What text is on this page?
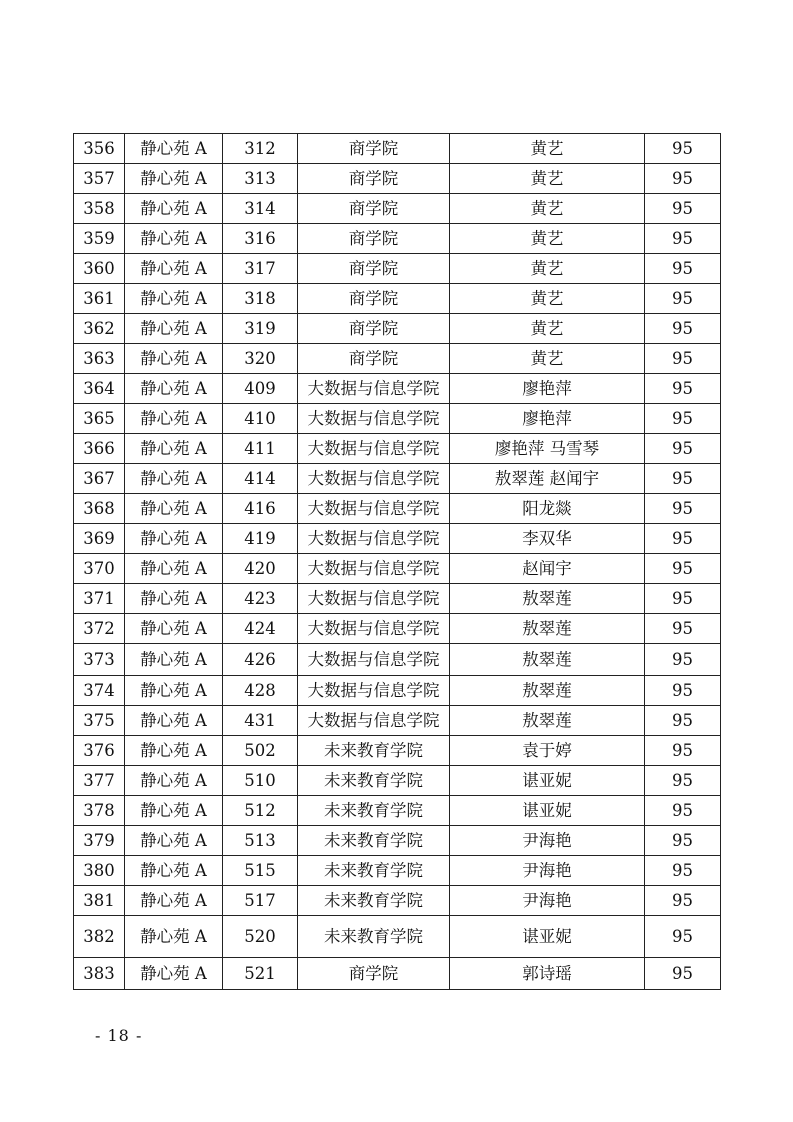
356	静心苑 A	312	商学院	黄艺	95
357	静心苑 A	313	商学院	黄艺	95
358	静心苑 A	314	商学院	黄艺	95
359	静心苑 A	316	商学院	黄艺	95
360	静心苑 A	317	商学院	黄艺	95
361	静心苑 A	318	商学院	黄艺	95
362	静心苑 A	319	商学院	黄艺	95
363	静心苑 A	320	商学院	黄艺	95
364	静心苑 A	409	大数据与信息学院	廖艳萍	95
365	静心苑 A	410	大数据与信息学院	廖艳萍	95
366	静心苑 A	411	大数据与信息学院	廖艳萍 马雪琴	95
367	静心苑 A	414	大数据与信息学院	敖翠莲 赵闻宇	95
368	静心苑 A	416	大数据与信息学院	阳龙燚	95
369	静心苑 A	419	大数据与信息学院	李双华	95
370	静心苑 A	420	大数据与信息学院	赵闻宇	95
371	静心苑 A	423	大数据与信息学院	敖翠莲	95
372	静心苑 A	424	大数据与信息学院	敖翠莲	95
373	静心苑 A	426	大数据与信息学院	敖翠莲	95
374	静心苑 A	428	大数据与信息学院	敖翠莲	95
375	静心苑 A	431	大数据与信息学院	敖翠莲	95
376	静心苑 A	502	未来教育学院	袁于婷	95
377	静心苑 A	510	未来教育学院	谌亚妮	95
378	静心苑 A	512	未来教育学院	谌亚妮	95
379	静心苑 A	513	未来教育学院	尹海艳	95
380	静心苑 A	515	未来教育学院	尹海艳	95
381	静心苑 A	517	未来教育学院	尹海艳	95
382	静心苑 A	520	未来教育学院	谌亚妮	95
383	静心苑 A	521	商学院	郭诗瑶	95
- 18 -
